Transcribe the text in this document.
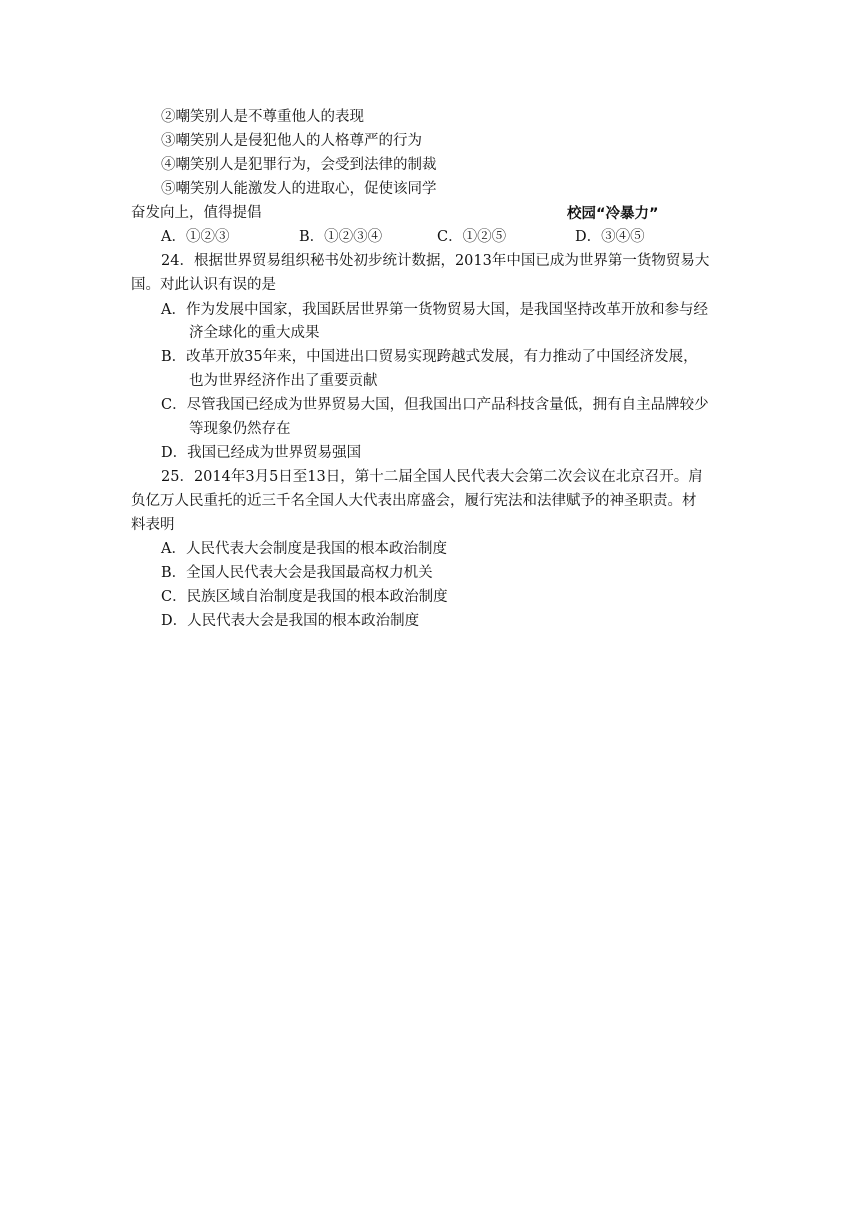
②嘲笑别人是不尊重他人的表现
③嘲笑别人是侵犯他人的人格尊严的行为
④嘲笑别人是犯罪行为，会受到法律的制裁
⑤嘲笑别人能激发人的进取心，促使该同学
奋发向上，值得提倡	校园“冷暴力”
A．①②③	B．①②③④	C．①②⑤	D．③④⑤
24．根据世界贸易组织秘书处初步统计数据，2013年中国已成为世界第一货物贸易大
国。对此认识有误的是
A．作为发展中国家，我国跃居世界第一货物贸易大国，是我国坚持改革开放和参与经
济全球化的重大成果
B．改革开放35年来，中国进出口贸易实现跨越式发展，有力推动了中国经济发展，
也为世界经济作出了重要贡献
C．尽管我国已经成为世界贸易大国，但我国出口产品科技含量低，拥有自主品牌较少
等现象仍然存在
D．我国已经成为世界贸易强国
25．2014年3月5日至13日，第十二届全国人民代表大会第二次会议在北京召开。肩
负亿万人民重托的近三千名全国人大代表出席盛会，履行宪法和法律赋予的神圣职责。材
料表明
A．人民代表大会制度是我国的根本政治制度
B．全国人民代表大会是我国最高权力机关
C．民族区域自治制度是我国的根本政治制度
D．人民代表大会是我国的根本政治制度
